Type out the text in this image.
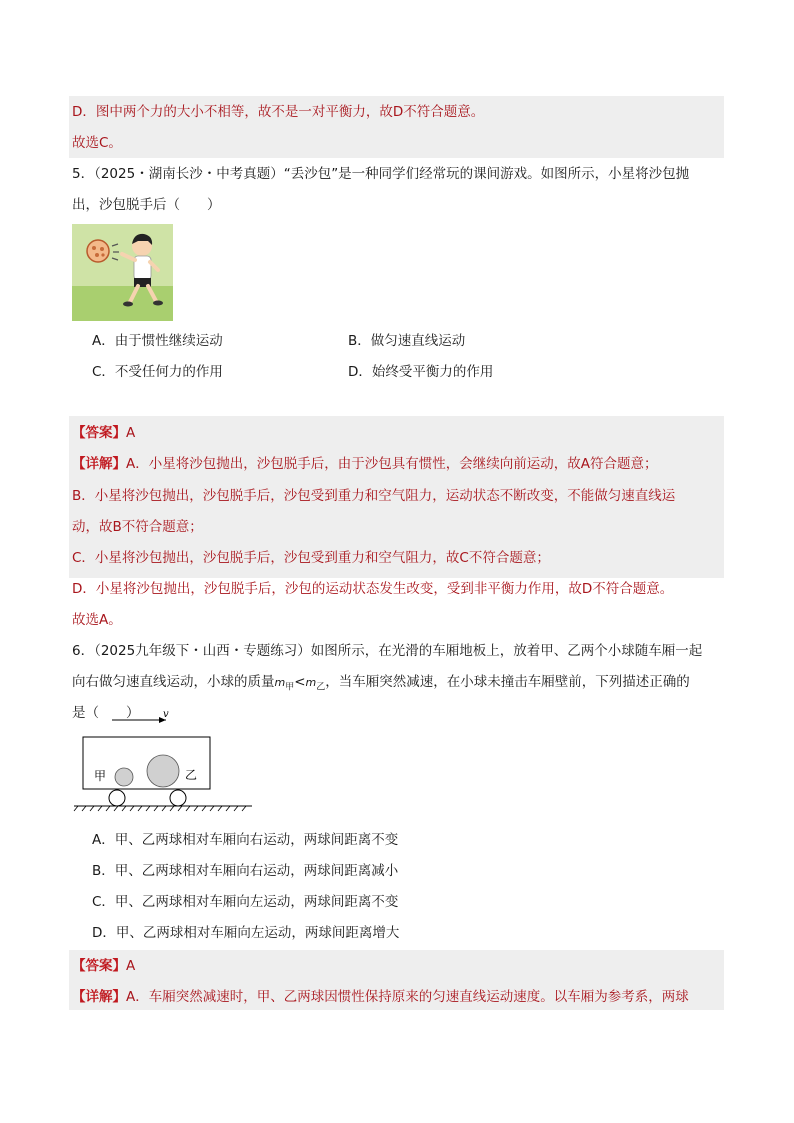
D．图中两个力的大小不相等，故不是一对平衡力，故D不符合题意。
故选C。
5．（2025・湖南长沙・中考真题）“丢沙包”是一种同学们经常玩的课间游戏。如图所示，小星将沙包抛
出，沙包脱手后（　　）
A．由于惯性继续运动	B．做匀速直线运动
C．不受任何力的作用	D．始终受平衡力的作用
【答案】A
【详解】A．小星将沙包抛出，沙包脱手后，由于沙包具有惯性，会继续向前运动，故A符合题意；
B．小星将沙包抛出，沙包脱手后，沙包受到重力和空气阻力，运动状态不断改变，不能做匀速直线运
动，故B不符合题意；
C．小星将沙包抛出，沙包脱手后，沙包受到重力和空气阻力，故C不符合题意；
D．小星将沙包抛出，沙包脱手后，沙包的运动状态发生改变，受到非平衡力作用，故D不符合题意。
故选A。
6．（2025九年级下・山西・专题练习）如图所示，在光滑的车厢地板上，放着甲、乙两个小球随车厢一起
向右做匀速直线运动，小球的质量$m_甲<m_乙$，当车厢突然减速，在小球未撞击车厢壁前，下列描述正确的
是（　　） v
甲	乙
A．甲、乙两球相对车厢向右运动，两球间距离不变
B．甲、乙两球相对车厢向右运动，两球间距离减小
C．甲、乙两球相对车厢向左运动，两球间距离不变
D．甲、乙两球相对车厢向左运动，两球间距离增大
【答案】A
【详解】A．车厢突然减速时，甲、乙两球因惯性保持原来的匀速直线运动速度。以车厢为参考系，两球
